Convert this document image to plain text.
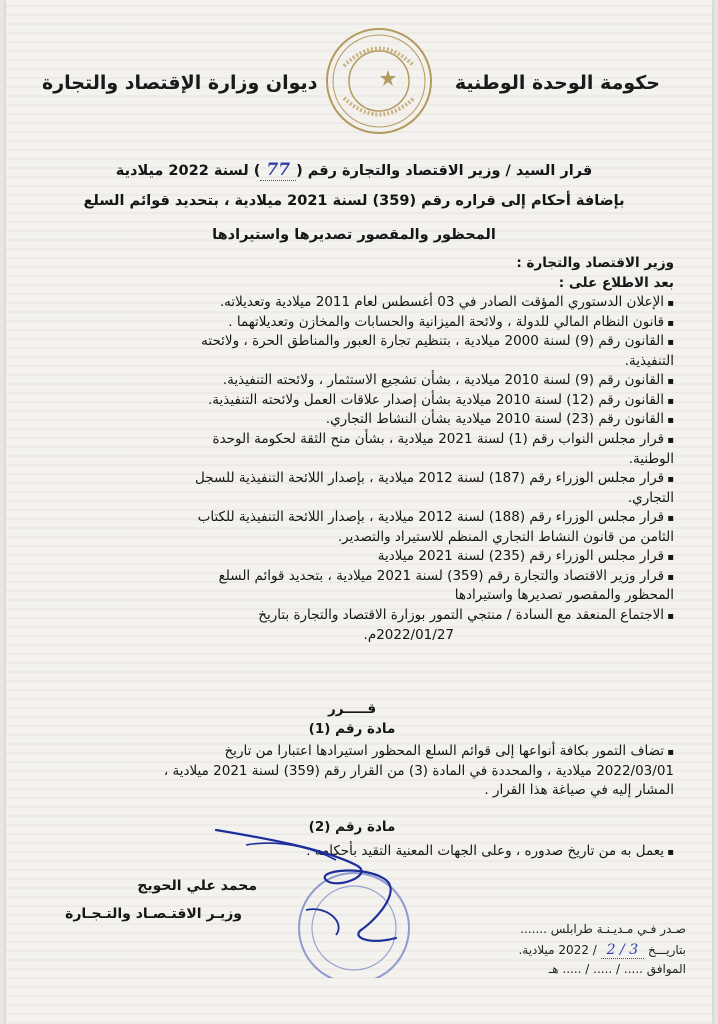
حكومة الوحدة الوطنية
ديوان وزارة الإقتصاد والتجارة
قرار السيد / وزير الاقتصاد والتجارة رقم (77) لسنة 2022 ميلادية
بإضافة أحكام إلى قراره رقم (359) لسنة 2021 ميلادية ، بتحديد قوائم السلع
المحظور والمقصور تصديرها واستيرادها
وزير الاقتصاد والتجارة :
بعد الاطلاع على :
▪ الإعلان الدستوري المؤقت الصادر في 03 أغسطس لعام 2011 ميلادية وتعديلاته.
▪ قانون النظام المالي للدولة ، ولائحة الميزانية والحسابات والمخازن وتعديلاتهما .
▪ القانون رقم (9) لسنة 2000 ميلادية ، بتنظيم تجارة العبور والمناطق الحرة ، ولائحته
التنفيذية.
▪ القانون رقم (9) لسنة 2010 ميلادية ، بشأن تشجيع الاستثمار ، ولائحته التنفيذية.
▪ القانون رقم (12) لسنة 2010 ميلادية بشأن إصدار علاقات العمل ولائحته التنفيذية.
▪ القانون رقم (23) لسنة 2010 ميلادية بشأن النشاط التجاري.
▪ قرار مجلس النواب رقم (1) لسنة 2021 ميلادية ، بشأن منح الثقة لحكومة الوحدة
الوطنية.
▪ قرار مجلس الوزراء رقم (187) لسنة 2012 ميلادية ، بإصدار اللائحة التنفيذية للسجل
التجاري.
▪ قرار مجلس الوزراء رقم (188) لسنة 2012 ميلادية ، بإصدار اللائحة التنفيذية للكتاب
الثامن من قانون النشاط التجاري المنظم للاستيراد والتصدير.
▪ قرار مجلس الوزراء رقم (235) لسنة 2021 ميلادية
▪ قرار وزير الاقتصاد والتجارة رقم (359) لسنة 2021 ميلادية ، بتحديد قوائم السلع
المحظور والمقصور تصديرها واستيرادها
▪ الاجتماع المنعقد مع السادة / منتجي التمور بوزارة الاقتصاد والتجارة بتاريخ
2022/01/27م.
قـــــرر
مادة رقم (1)
▪ تضاف التمور بكافة أنواعها إلى قوائم السلع المحظور استيرادها اعتبارا من تاريخ
2022/03/01 ميلادية ، والمحددة في المادة (3) من القرار رقم (359) لسنة 2021 ميلادية ،
المشار إليه في صياغة هذا القرار .
مادة رقم (2)
▪ يعمل به من تاريخ صدوره ، وعلى الجهات المعنية التقيد بأحكامه .
محمد علي الحويج
وزيـر الاقتـصـاد والتـجـارة
صـدر فـي مـديـنـة طرابلس .......
بتاريـــخ 3 / 2 / 2022 ميلادية.
الموافق ..... / ..... / ..... هـ
